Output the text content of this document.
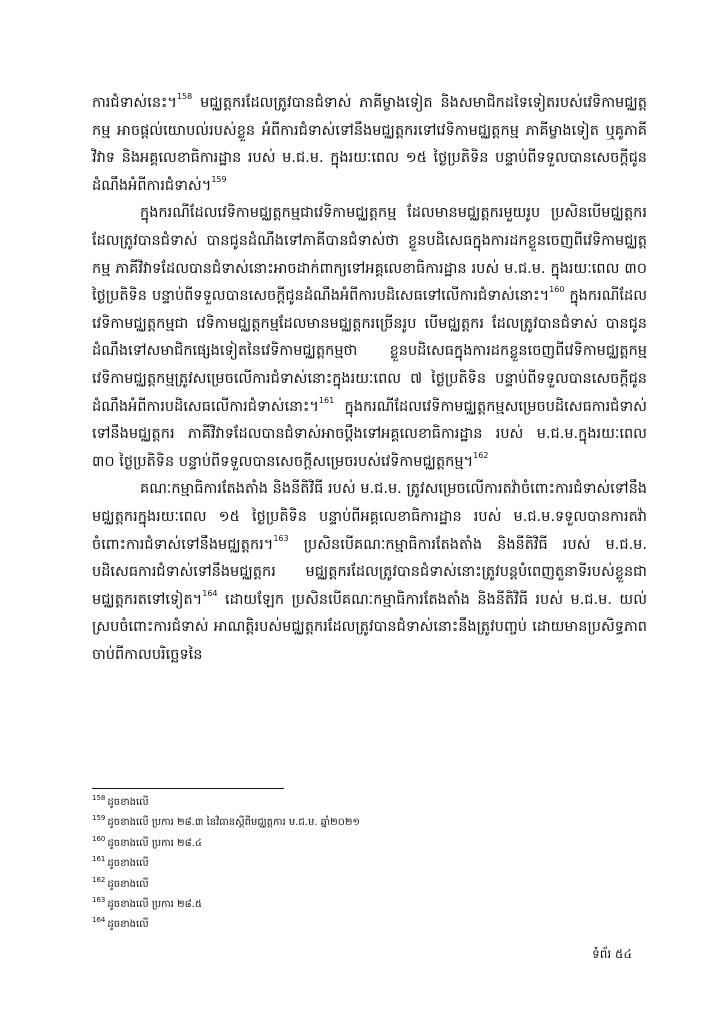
ការជំទាស់នេះ។$^{158}$ មជ្ឈត្តករដែលត្រូវបានជំទាស់ ភាគីម្ខាងទៀត និងសមាជិកដទៃទៀតរបស់វេទិកាមជ្ឈត្តកម្ម អាចផ្តល់យោបល់របស់ខ្លួន អំពីការជំទាស់ទៅនឹងមជ្ឈត្តករទៅវេទិកាមជ្ឈត្តកម្ម ភាគីម្ខាងទៀត ឬគូភាគីវិវាទ និងអគ្គលេខាធិការដ្ឋាន របស់ ម.ជ.ម. ក្នុងរយៈពេល ១៥ ថ្ងៃប្រតិទិន បន្ទាប់ពីទទួលបានសេចក្តីជូនដំណឹងអំពីការជំទាស់។$^{159}$

ក្នុងករណីដែលវេទិកាមជ្ឈត្តកម្មជាវេទិកាមជ្ឈត្តកម្ម ដែលមានមជ្ឈត្តករមួយរូប ប្រសិនបើមជ្ឈត្តករដែលត្រូវបានជំទាស់ បានជូនដំណឹងទៅភាគីបានជំទាស់ថា ខ្លួនបដិសេធក្នុងការដកខ្លួនចេញពីវេទិកាមជ្ឈត្តកម្ម ភាគីវិវាទដែលបានជំទាស់នោះអាចដាក់ពាក្យទៅអគ្គលេខាធិការដ្ឋាន របស់ ម.ជ.ម. ក្នុងរយៈពេល ៣០ ថ្ងៃប្រតិទិន បន្ទាប់ពីទទួលបានសេចក្តីជូនដំណឹងអំពីការបដិសេធទៅលើការជំទាស់នោះ។$^{160}$ ក្នុងករណីដែលវេទិកាមជ្ឈត្តកម្មជា វេទិកាមជ្ឈត្តកម្មដែលមានមជ្ឈត្តករច្រើនរូប បើមជ្ឈត្តករ ដែលត្រូវបានជំទាស់ បានជូនដំណឹងទៅសមាជិកផ្សេងទៀតនៃវេទិកាមជ្ឈត្តកម្មថា ខ្លួនបដិសេធក្នុងការដកខ្លួនចេញពីវេទិកាមជ្ឈត្តកម្ម វេទិកាមជ្ឈត្តកម្មត្រូវសម្រេចលើការជំទាស់នោះក្នុងរយៈពេល ៧ ថ្ងៃប្រតិទិន បន្ទាប់ពីទទួលបានសេចក្តីជូនដំណឹងអំពីការបដិសេធលើការជំទាស់នោះ។$^{161}$ ក្នុងករណីដែលវេទិកាមជ្ឈត្តកម្មសម្រេចបដិសេធការជំទាស់ទៅនឹងមជ្ឈត្តករ ភាគីវិវាទដែលបានជំទាស់អាចប្តឹងទៅអគ្គលេខាធិការដ្ឋាន របស់ ម.ជ.ម.ក្នុងរយៈពេល ៣០ ថ្ងៃប្រតិទិន បន្ទាប់ពីទទួលបានសេចក្តីសម្រេចរបស់វេទិកាមជ្ឈត្តកម្ម។$^{162}$

គណៈកម្មាធិការតែងតាំង និងនីតិវិធី របស់ ម.ជ.ម. ត្រូវសម្រេចលើការតវ៉ាចំពោះការជំទាស់ទៅនឹងមជ្ឈត្តករក្នុងរយៈពេល ១៥ ថ្ងៃប្រតិទិន បន្ទាប់ពីអគ្គលេខាធិការដ្ឋាន របស់ ម.ជ.ម.ទទួលបានការតវ៉ា ចំពោះការជំទាស់ទៅនឹងមជ្ឈត្តករ។$^{163}$ ប្រសិនបើគណៈកម្មាធិការតែងតាំង និងនីតិវិធី របស់ ម.ជ.ម. បដិសេធការជំទាស់ទៅនឹងមជ្ឈត្តករ មជ្ឈត្តករដែលត្រូវបានជំទាស់នោះត្រូវបន្តបំពេញតួនាទីរបស់ខ្លួនជាមជ្ឈត្តករតទៅទៀត។$^{164}$ ដោយឡែក ប្រសិនបើគណៈកម្មាធិការតែងតាំង និងនីតិវិធី របស់ ម.ជ.ម. យល់ស្របចំពោះការជំទាស់ អាណត្តិរបស់មជ្ឈត្តករដែលត្រូវបានជំទាស់នោះនឹងត្រូវបញ្ចប់ ដោយមានប្រសិទ្ធភាពចាប់ពីកាលបរិច្ឆេទនៃ

$^{158}$ ដូចខាងលើ
$^{159}$ ដូចខាងលើ ប្រការ ២៨.៣ នៃវិធានស្តីពីមជ្ឈត្តការ ម.ជ.ម. ឆ្នាំ២០២១
$^{160}$ ដូចខាងលើ ប្រការ ២៨.៤
$^{161}$ ដូចខាងលើ
$^{162}$ ដូចខាងលើ
$^{163}$ ដូចខាងលើ ប្រការ ២៨.៥
$^{164}$ ដូចខាងលើ
ទំព័រ ៥៤
